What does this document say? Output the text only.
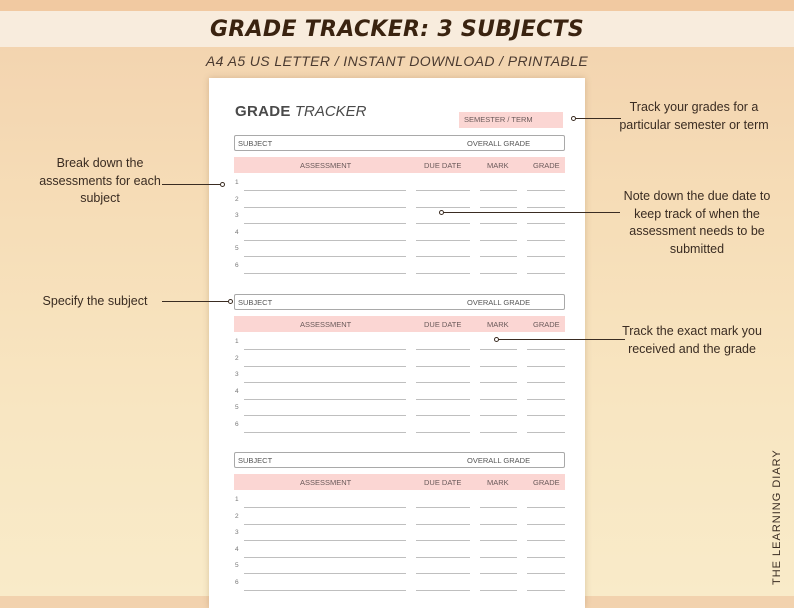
GRADE TRACKER: 3 SUBJECTS
A4 A5 US LETTER / INSTANT DOWNLOAD / PRINTABLE
GRADE TRACKER	SEMESTER / TERM
SUBJECT	OVERALL GRADE
ASSESSMENT	DUE DATE	MARK	GRADE
1
2
3
4
5
6
SUBJECT	OVERALL GRADE
ASSESSMENT	DUE DATE	MARK	GRADE
1
2
3
4
5
6
SUBJECT	OVERALL GRADE
ASSESSMENT	DUE DATE	MARK	GRADE
1
2
3
4
5
6
Track your grades for a particular semester or term
Break down the assessments for each subject	Note down the due date to keep track of when the assessment needs to be submitted
Specify the subject
Track the exact mark you received and the grade
THE LEARNING DIARY
